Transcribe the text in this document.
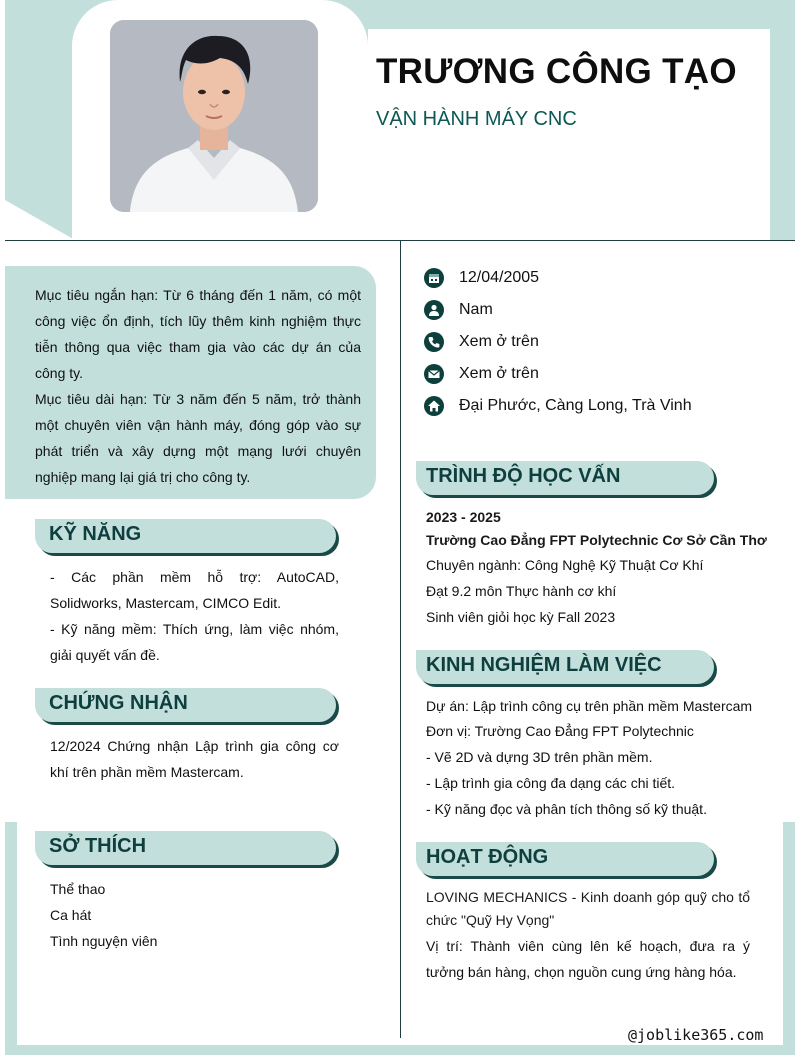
TRƯƠNG CÔNG TẠO
VẬN HÀNH MÁY CNC

Mục tiêu ngắn hạn: Từ 6 tháng đến 1 năm, có một công việc ổn định, tích lũy thêm kinh nghiệm thực tiễn thông qua việc tham gia vào các dự án của công ty.

Mục tiêu dài hạn: Từ 3 năm đến 5 năm, trở thành một chuyên viên vận hành máy, đóng góp vào sự phát triển và xây dựng một mạng lưới chuyên nghiệp mang lại giá trị cho công ty.

KỸ NĂNG
- Các phần mềm hỗ trợ: AutoCAD, Solidworks, Mastercam, CIMCO Edit.
- Kỹ năng mềm: Thích ứng, làm việc nhóm, giải quyết vấn đề.
CHỨNG NHẬN
12/2024 Chứng nhận Lập trình gia công cơ khí trên phần mềm Mastercam.
SỞ THÍCH
Thể thao
Ca hát
Tình nguyện viên
12/04/2005
Nam
Xem ở trên
Xem ở trên
Đại Phước, Càng Long, Trà Vinh
TRÌNH ĐỘ HỌC VẤN
2023 - 2025
Trường Cao Đẳng FPT Polytechnic Cơ Sở Cần Thơ
Chuyên ngành: Công Nghệ Kỹ Thuật Cơ Khí
Đạt 9.2 môn Thực hành cơ khí
Sinh viên giỏi học kỳ Fall 2023
KINH NGHIỆM LÀM VIỆC
Dự án: Lập trình công cụ trên phần mềm Mastercam
Đơn vị: Trường Cao Đẳng FPT Polytechnic
- Vẽ 2D và dựng 3D trên phần mềm.
- Lập trình gia công đa dạng các chi tiết.
- Kỹ năng đọc và phân tích thông số kỹ thuật.
HOẠT ĐỘNG
LOVING MECHANICS - Kinh doanh góp quỹ cho tổ chức "Quỹ Hy Vọng"
Vị trí: Thành viên cùng lên kế hoạch, đưa ra ý tưởng bán hàng, chọn nguồn cung ứng hàng hóa.
@joblike365.com
